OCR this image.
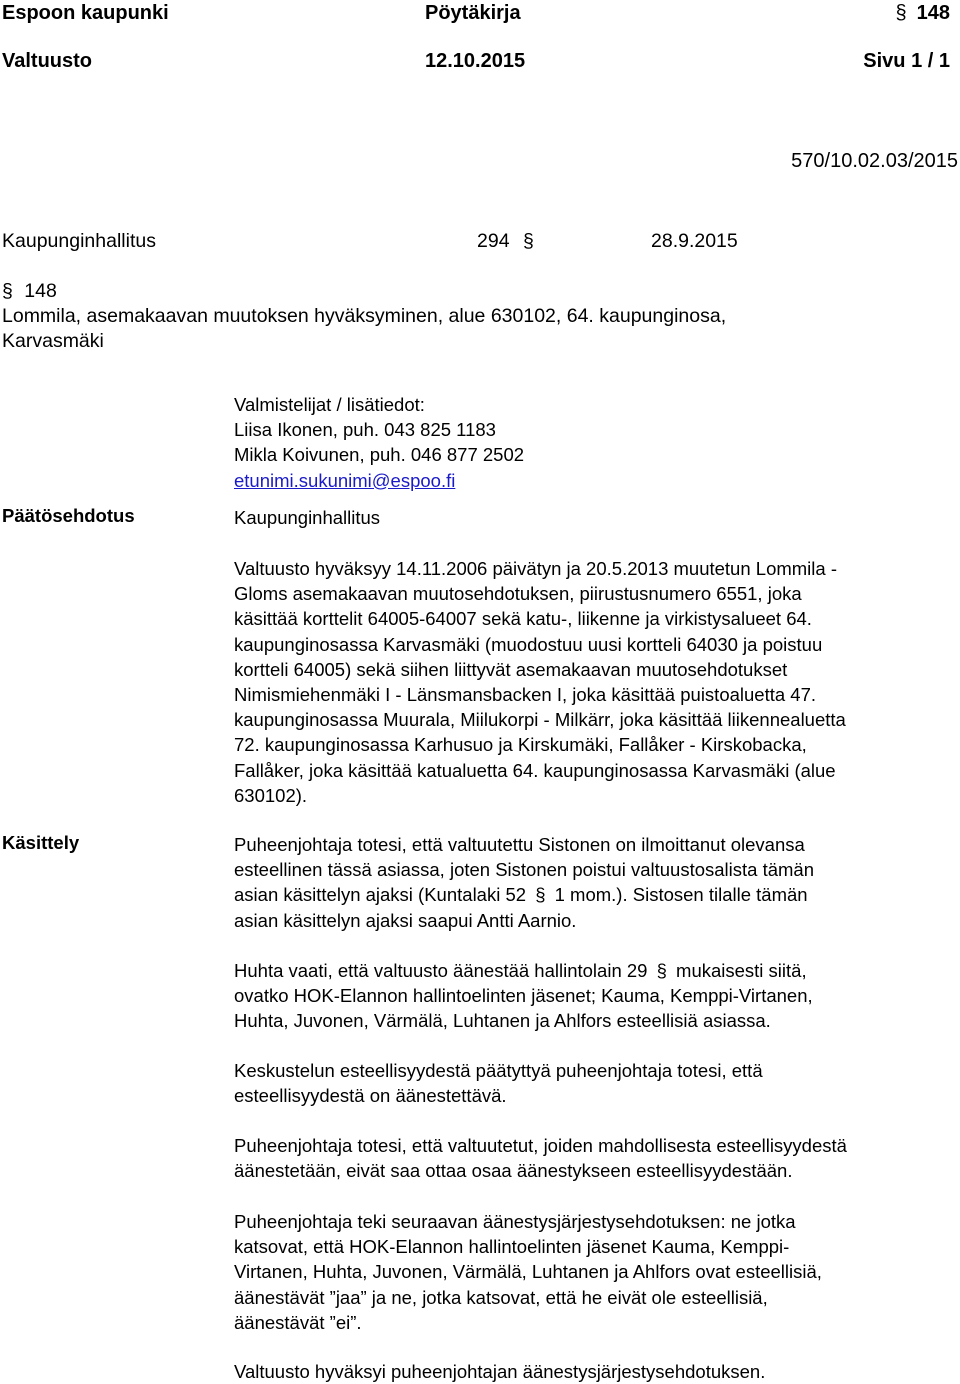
Espoon kaupunki	Pöytäkirja	§ 148
Valtuusto	12.10.2015	Sivu 1 / 1
570/10.02.03/2015
Kaupunginhallitus	294 §	28.9.2015
§ 148
Lommila, asemakaavan muutoksen hyväksyminen, alue 630102, 64. kaupunginosa,
Karvasmäki

Valmistelijat / lisätiedot:

Liisa Ikonen, puh. 043 825 1183

Mikla Koivunen, puh. 046 877 2502

etunimi.sukunimi@espoo.fi

Päätösehdotus	Kaupunginhallitus

Valtuusto hyväksyy 14.11.2006 päivätyn ja 20.5.2013 muutetun Lommila -

Gloms asemakaavan muutosehdotuksen, piirustusnumero 6551, joka

käsittää korttelit 64005-64007 sekä katu-, liikenne ja virkistysalueet 64.

kaupunginosassa Karvasmäki (muodostuu uusi kortteli 64030 ja poistuu

kortteli 64005) sekä siihen liittyvät asemakaavan muutosehdotukset

Nimismiehenmäki I - Länsmansbacken I, joka käsittää puistoaluetta 47.

kaupunginosassa Muurala, Miilukorpi - Milkärr, joka käsittää liikennealuetta

72. kaupunginosassa Karhusuo ja Kirskumäki, Fallåker - Kirskobacka,

Fallåker, joka käsittää katualuetta 64. kaupunginosassa Karvasmäki (alue

630102).

Käsittely	Puheenjohtaja totesi, että valtuutettu Sistonen on ilmoittanut olevansa

esteellinen tässä asiassa, joten Sistonen poistui valtuustosalista tämän

asian käsittelyn ajaksi (Kuntalaki 52 § 1 mom.). Sistosen tilalle tämän

asian käsittelyn ajaksi saapui Antti Aarnio.

Huhta vaati, että valtuusto äänestää hallintolain 29 § mukaisesti siitä,

ovatko HOK-Elannon hallintoelinten jäsenet; Kauma, Kemppi-Virtanen,

Huhta, Juvonen, Värmälä, Luhtanen ja Ahlfors esteellisiä asiassa.

Keskustelun esteellisyydestä päätyttyä puheenjohtaja totesi, että

esteellisyydestä on äänestettävä.

Puheenjohtaja totesi, että valtuutetut, joiden mahdollisesta esteellisyydestä

äänestetään, eivät saa ottaa osaa äänestykseen esteellisyydestään.

Puheenjohtaja teki seuraavan äänestysjärjestysehdotuksen: ne jotka

katsovat, että HOK-Elannon hallintoelinten jäsenet Kauma, Kemppi-

Virtanen, Huhta, Juvonen, Värmälä, Luhtanen ja Ahlfors ovat esteellisiä,

äänestävät ”jaa” ja ne, jotka katsovat, että he eivät ole esteellisiä,

äänestävät ”ei”.

Valtuusto hyväksyi puheenjohtajan äänestysjärjestysehdotuksen.
